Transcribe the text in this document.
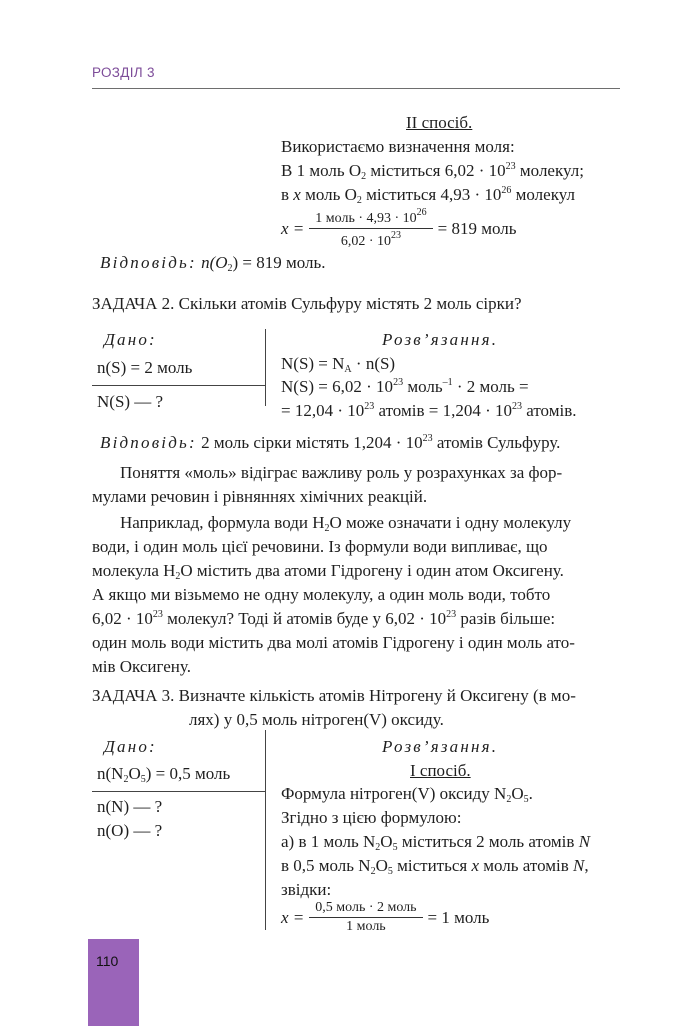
РОЗДІЛ 3
II спосіб.
Використаємо визначення моля:
В 1 моль $O_2$ міститься $6,02 \cdot 10^{23}$ молекул;
в x моль $O_2$ міститься $4,93 \cdot 10^{26}$ молекул
$x = \frac{1 моль \cdot 4,93 \cdot 10^{26}}{6,02 \cdot 10^{23}} = 819$ моль
Відповідь: $n(O_2) = 819$ моль.
ЗАДАЧА 2. Скільки атомів Сульфуру містять 2 моль сірки?
Дано:
n(S) = 2 моль
N(S) — ?
Розв’язання.
$N(S) = N_A \cdot n(S)$
$N(S) = 6,02 \cdot 10^{23}$ моль$^{-1}$ · 2 моль =
= $12,04 \cdot 10^{23}$ атомів = $1,204 \cdot 10^{23}$ атомів.
Відповідь: 2 моль сірки містять $1,204 \cdot 10^{23}$ атомів Сульфуру.
Поняття «моль» відіграє важливу роль у розрахунках за фор-
мулами речовин і рівняннях хімічних реакцій.
Наприклад, формула води $H_2O$ може означати і одну молекулу
води, і один моль цієї речовини. Із формули води випливає, що
молекула $H_2O$ містить два атоми Гідрогену і один атом Оксигену.
А якщо ми візьмемо не одну молекулу, а один моль води, тобто
$6,02 \cdot 10^{23}$ молекул? Тоді й атомів буде у $6,02 \cdot 10^{23}$ разів більше:
один моль води містить два молі атомів Гідрогену і один моль ато-
мів Оксигену.
ЗАДАЧА 3. Визначте кількість атомів Нітрогену й Оксигену (в мо-
лях) у 0,5 моль нітроген(V) оксиду.
Дано:
$n(N_2O_5) = 0,5$ моль
n(N) — ?
n(O) — ?
Розв’язання.
I спосіб.
Формула нітроген(V) оксиду $N_2O_5$.
Згідно з цією формулою:
а) в 1 моль $N_2O_5$ міститься 2 моль атомів N
в 0,5 моль $N_2O_5$ міститься x моль атомів N,
звідки:
$x = \frac{\text{0,5 моль · 2 моль}}{\text{1 моль}} = 1$ моль
110
